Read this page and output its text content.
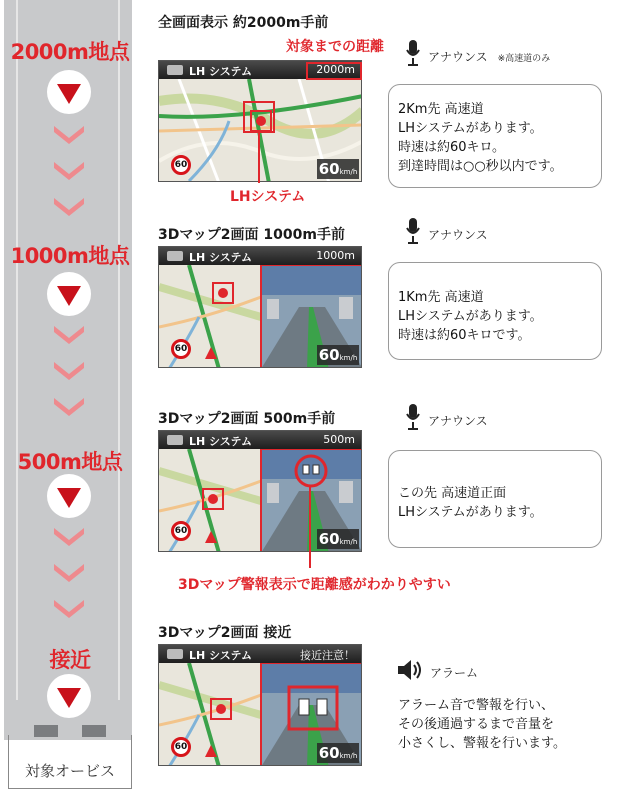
2000m地点
1000m地点
500m地点
接近
対象オービス
全画面表示 約2000m手前
対象までの距離
LH システム	2000m
60	60km/h
LHシステム
アナウンス ※高速道のみ
2Km先 高速道
LHシステムがあります。
時速は約60キロ。
到達時間は○○秒以内です。
3Dマップ2画面 1000m手前
LH システム	1000m
60	60km/h
アナウンス
1Km先 高速道
LHシステムがあります。
時速は約60キロです。
3Dマップ2画面 500m手前
LH システム	500m
60	60km/h
3Dマップ警報表示で距離感がわかりやすい
アナウンス
この先 高速道正面
LHシステムがあります。
3Dマップ2画面 接近
LH システム	接近注意！
60	60km/h
アラーム
アラーム音で警報を行い、
その後通過するまで音量を
小さくし、警報を行います。
